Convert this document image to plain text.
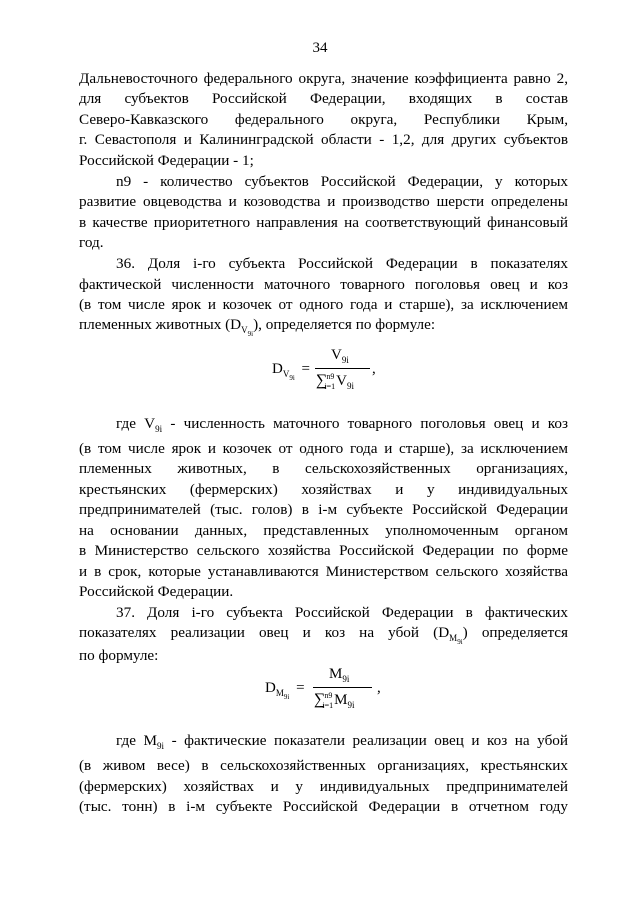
34
Дальневосточного федерального округа, значение коэффициента равно 2,
для субъектов Российской Федерации, входящих в состав
Северо-Кавказского федерального округа, Республики Крым,
г. Севастополя и Калининградской области - 1,2, для других субъектов
Российской Федерации - 1;
n9 - количество субъектов Российской Федерации, у которых
развитие овцеводства и козоводства и производство шерсти определены
в качестве приоритетного направления на соответствующий финансовый
год.
36. Доля i-го субъекта Российской Федерации в показателях
фактической численности маточного товарного поголовья овец и коз
(в том числе ярок и козочек от одного года и старше), за исключением
племенных животных $(D_{V9i})$, определяется по формуле:
$D_{V9i}$ =
$V_{9i}$
$\sum^{n9}_{i=1}V_{9i}$
,
где $V_{9i}$ - численность маточного товарного поголовья овец и коз
(в том числе ярок и козочек от одного года и старше), за исключением
племенных животных, в сельскохозяйственных организациях,
крестьянских (фермерских) хозяйствах и у индивидуальных
предпринимателей (тыс. голов) в i-м субъекте Российской Федерации
на основании данных, представленных уполномоченным органом
в Министерство сельского хозяйства Российской Федерации по форме
и в срок, которые устанавливаются Министерством сельского хозяйства
Российской Федерации.
37. Доля i-го субъекта Российской Федерации в фактических
показателях реализации овец и коз на убой $(D_{M9i})$ определяется
по формуле:
$D_{M9i}$ =
$M_{9i}$
$\sum^{n9}_{i=1}M_{9i}$
,
где $M_{9i}$ - фактические показатели реализации овец и коз на убой
(в живом весе) в сельскохозяйственных организациях, крестьянских
(фермерских) хозяйствах и у индивидуальных предпринимателей
(тыс. тонн) в i-м субъекте Российской Федерации в отчетном году
